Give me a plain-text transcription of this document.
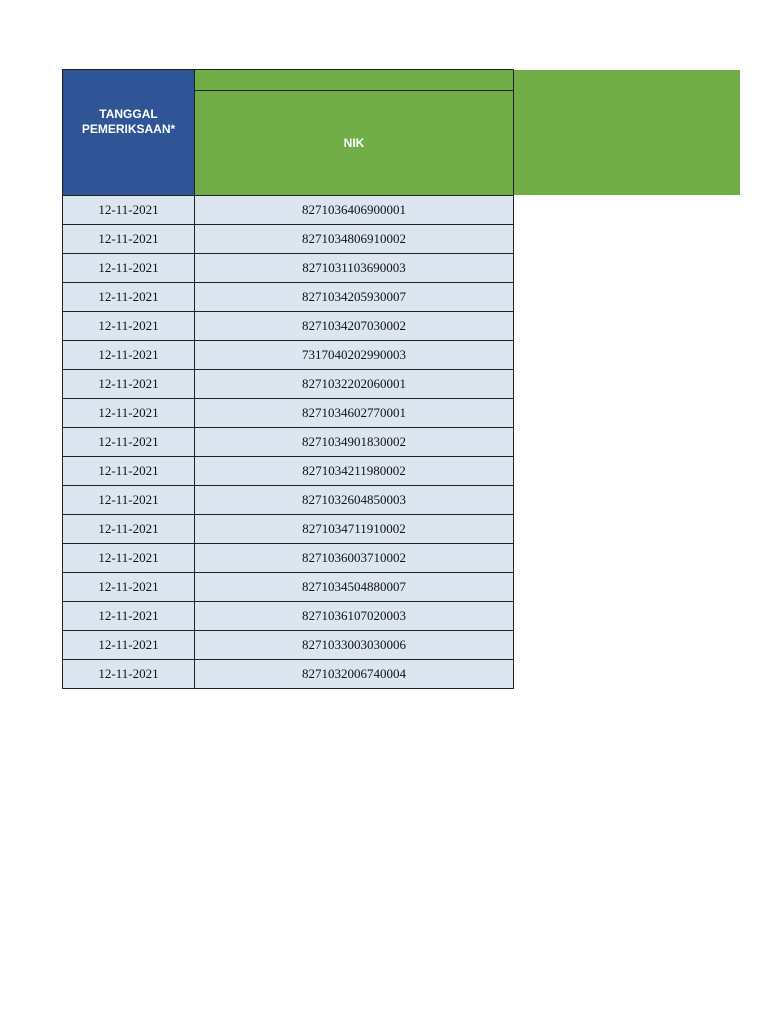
TANGGAL PEMERIKSAAN*	

	NIK
12-11-2021	8271036406900001
12-11-2021	8271034806910002
12-11-2021	8271031103690003
12-11-2021	8271034205930007
12-11-2021	8271034207030002
12-11-2021	7317040202990003
12-11-2021	8271032202060001
12-11-2021	8271034602770001
12-11-2021	8271034901830002
12-11-2021	8271034211980002
12-11-2021	8271032604850003
12-11-2021	8271034711910002
12-11-2021	8271036003710002
12-11-2021	8271034504880007
12-11-2021	8271036107020003
12-11-2021	8271033003030006
12-11-2021	8271032006740004
